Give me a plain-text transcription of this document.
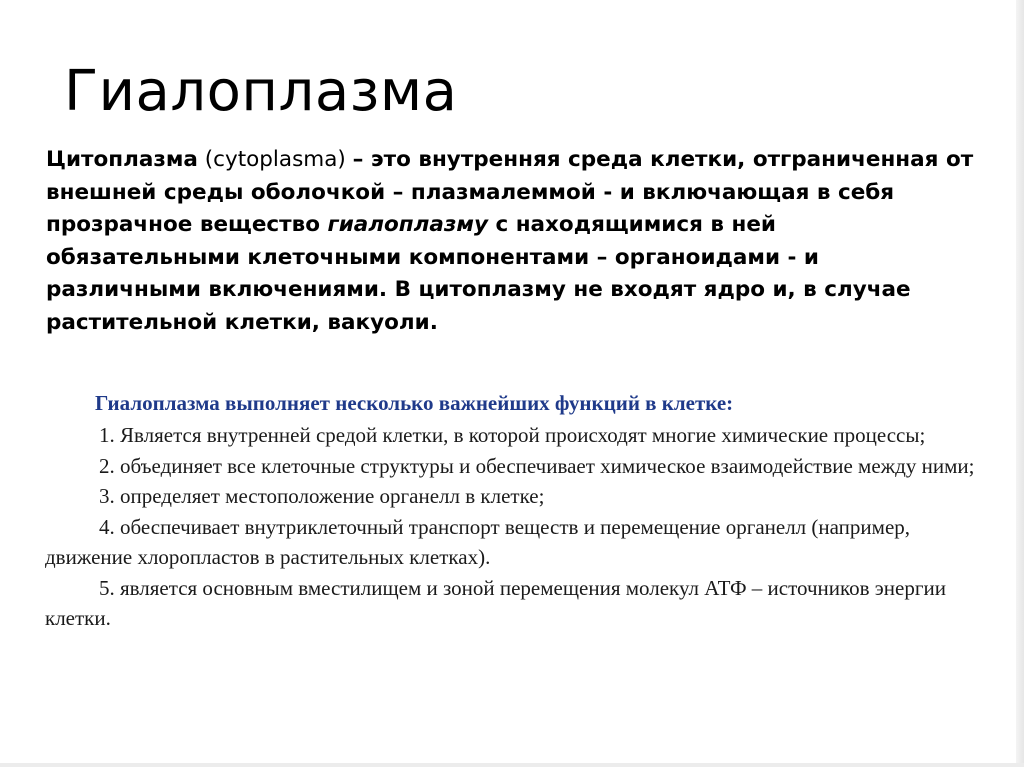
Гиалоплазма

Цитоплазма (cytoplasma) – это внутренняя среда клетки, отграниченная от внешней среды оболочкой – плазмалеммой - и включающая в себя прозрачное вещество гиалоплазму с находящимися в ней обязательными клеточными компонентами – органоидами - и различными включениями. В цитоплазму не входят ядро и, в случае растительной клетки, вакуоли.

Гиалоплазма выполняет несколько важнейших функций в клетке:

1. Является внутренней средой клетки, в которой происходят многие химические процессы;

2. объединяет все клеточные структуры и обеспечивает химическое взаимодействие между ними;

3. определяет местоположение органелл в клетке;

4. обеспечивает внутриклеточный транспорт веществ и перемещение органелл (например, движение хлоропластов в растительных клетках).

5. является основным вместилищем и зоной перемещения молекул АТФ – источников энергии клетки.
